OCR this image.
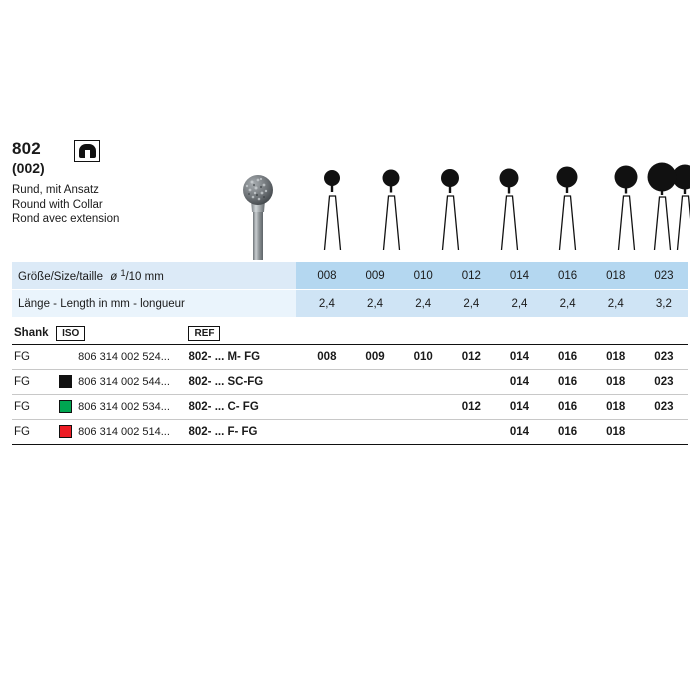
802
(002)
Rund, mit Ansatz
Round with Collar
Rond avec extension
Größe/Size/taille ø $^1$/10 mm		008	009	010	012	014	016	018	023
Länge - Length in mm - longueur		2,4	2,4	2,4	2,4	2,4	2,4	2,4	3,2
Shank	ISO		REF									
FG		806 314 002 524...	802- ... M- FG		008	009	010	012	014	016	018	023
FG		806 314 002 544...	802- ... SC-FG						014	016	018	023
FG		806 314 002 534...	802- ... C- FG					012	014	016	018	023
FG		806 314 002 514...	802- ... F- FG						014	016	018	
